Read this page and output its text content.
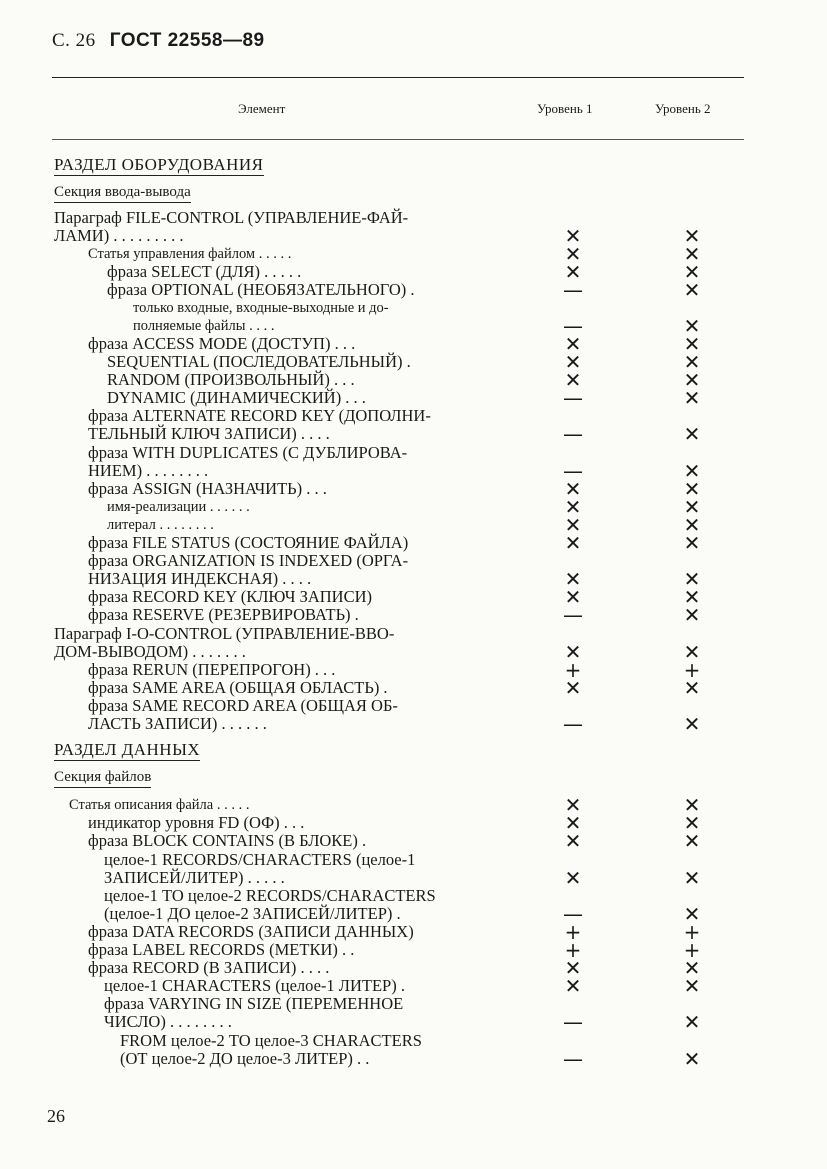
С. 26 ГОСТ 22558—89
Элемент	Уровень 1	Уровень 2
РАЗДЕЛ ОБОРУДОВАНИЯ
Секция ввода-вывода
Параграф FILE-CONTROL (УПРАВЛЕНИЕ-ФАЙ-
ЛАМИ) . . . . . . . . .	✕	✕
Статья управления файлом . . . . .	✕	✕
фраза SELECT (ДЛЯ) . . . . .	✕	✕
фраза OPTIONAL (НЕОБЯЗАТЕЛЬНОГО) .	—	✕
только входные, входные-выходные и до-
полняемые файлы . . . .	—	✕
фраза ACCESS MODE (ДОСТУП) . . .	✕	✕
SEQUENTIAL (ПОСЛЕДОВАТЕЛЬНЫЙ) .	✕	✕
RANDOM (ПРОИЗВОЛЬНЫЙ) . . .	✕	✕
DYNAMIC (ДИНАМИЧЕСКИЙ) . . .	—	✕
фраза ALTERNATE RECORD KEY (ДОПОЛНИ-
ТЕЛЬНЫЙ КЛЮЧ ЗАПИСИ) . . . .	—	✕
фраза WITH DUPLICATES (С ДУБЛИРОВА-
НИЕМ) . . . . . . . .	—	✕
фраза ASSIGN (НАЗНАЧИТЬ) . . .	✕	✕
имя-реализации . . . . . .	✕	✕
литерал . . . . . . . .	✕	✕
фраза FILE STATUS (СОСТОЯНИЕ ФАЙЛА)	✕	✕
фраза ORGANIZATION IS INDEXED (ОРГА-
НИЗАЦИЯ ИНДЕКСНАЯ) . . . .	✕	✕
фраза RECORD KEY (КЛЮЧ ЗАПИСИ)	✕	✕
фраза RESERVE (РЕЗЕРВИРОВАТЬ) .	—	✕
Параграф I-O-CONTROL (УПРАВЛЕНИЕ-ВВО-
ДОМ-ВЫВОДОМ) . . . . . . .	✕	✕
фраза RERUN (ПЕРЕПРОГОН) . . .	+	+
фраза SAME AREA (ОБЩАЯ ОБЛАСТЬ) .	✕	✕
фраза SAME RECORD AREA (ОБЩАЯ ОБ-
ЛАСТЬ ЗАПИСИ) . . . . . .	—	✕
РАЗДЕЛ ДАННЫХ
Секция файлов
Статья описания файла . . . . .	✕	✕
индикатор уровня FD (ОФ) . . .	✕	✕
фраза BLOCK CONTAINS (В БЛОКЕ) .	✕	✕
целое-1 RECORDS/CHARACTERS (целое-1
ЗАПИСЕЙ/ЛИТЕР) . . . . .	✕	✕
целое-1 TO целое-2 RECORDS/CHARACTERS
(целое-1 ДО целое-2 ЗАПИСЕЙ/ЛИТЕР) .	—	✕
фраза DATA RECORDS (ЗАПИСИ ДАННЫХ)	+	+
фраза LABEL RECORDS (МЕТКИ) . .	+	+
фраза RECORD (В ЗАПИСИ) . . . .	✕	✕
целое-1 CHARACTERS (целое-1 ЛИТЕР) .	✕	✕
фраза VARYING IN SIZE (ПЕРЕМЕННОЕ
ЧИСЛО) . . . . . . . .	—	✕
FROM целое-2 TO целое-3 CHARACTERS
(ОТ целое-2 ДО целое-3 ЛИТЕР) . .	—	✕
26
